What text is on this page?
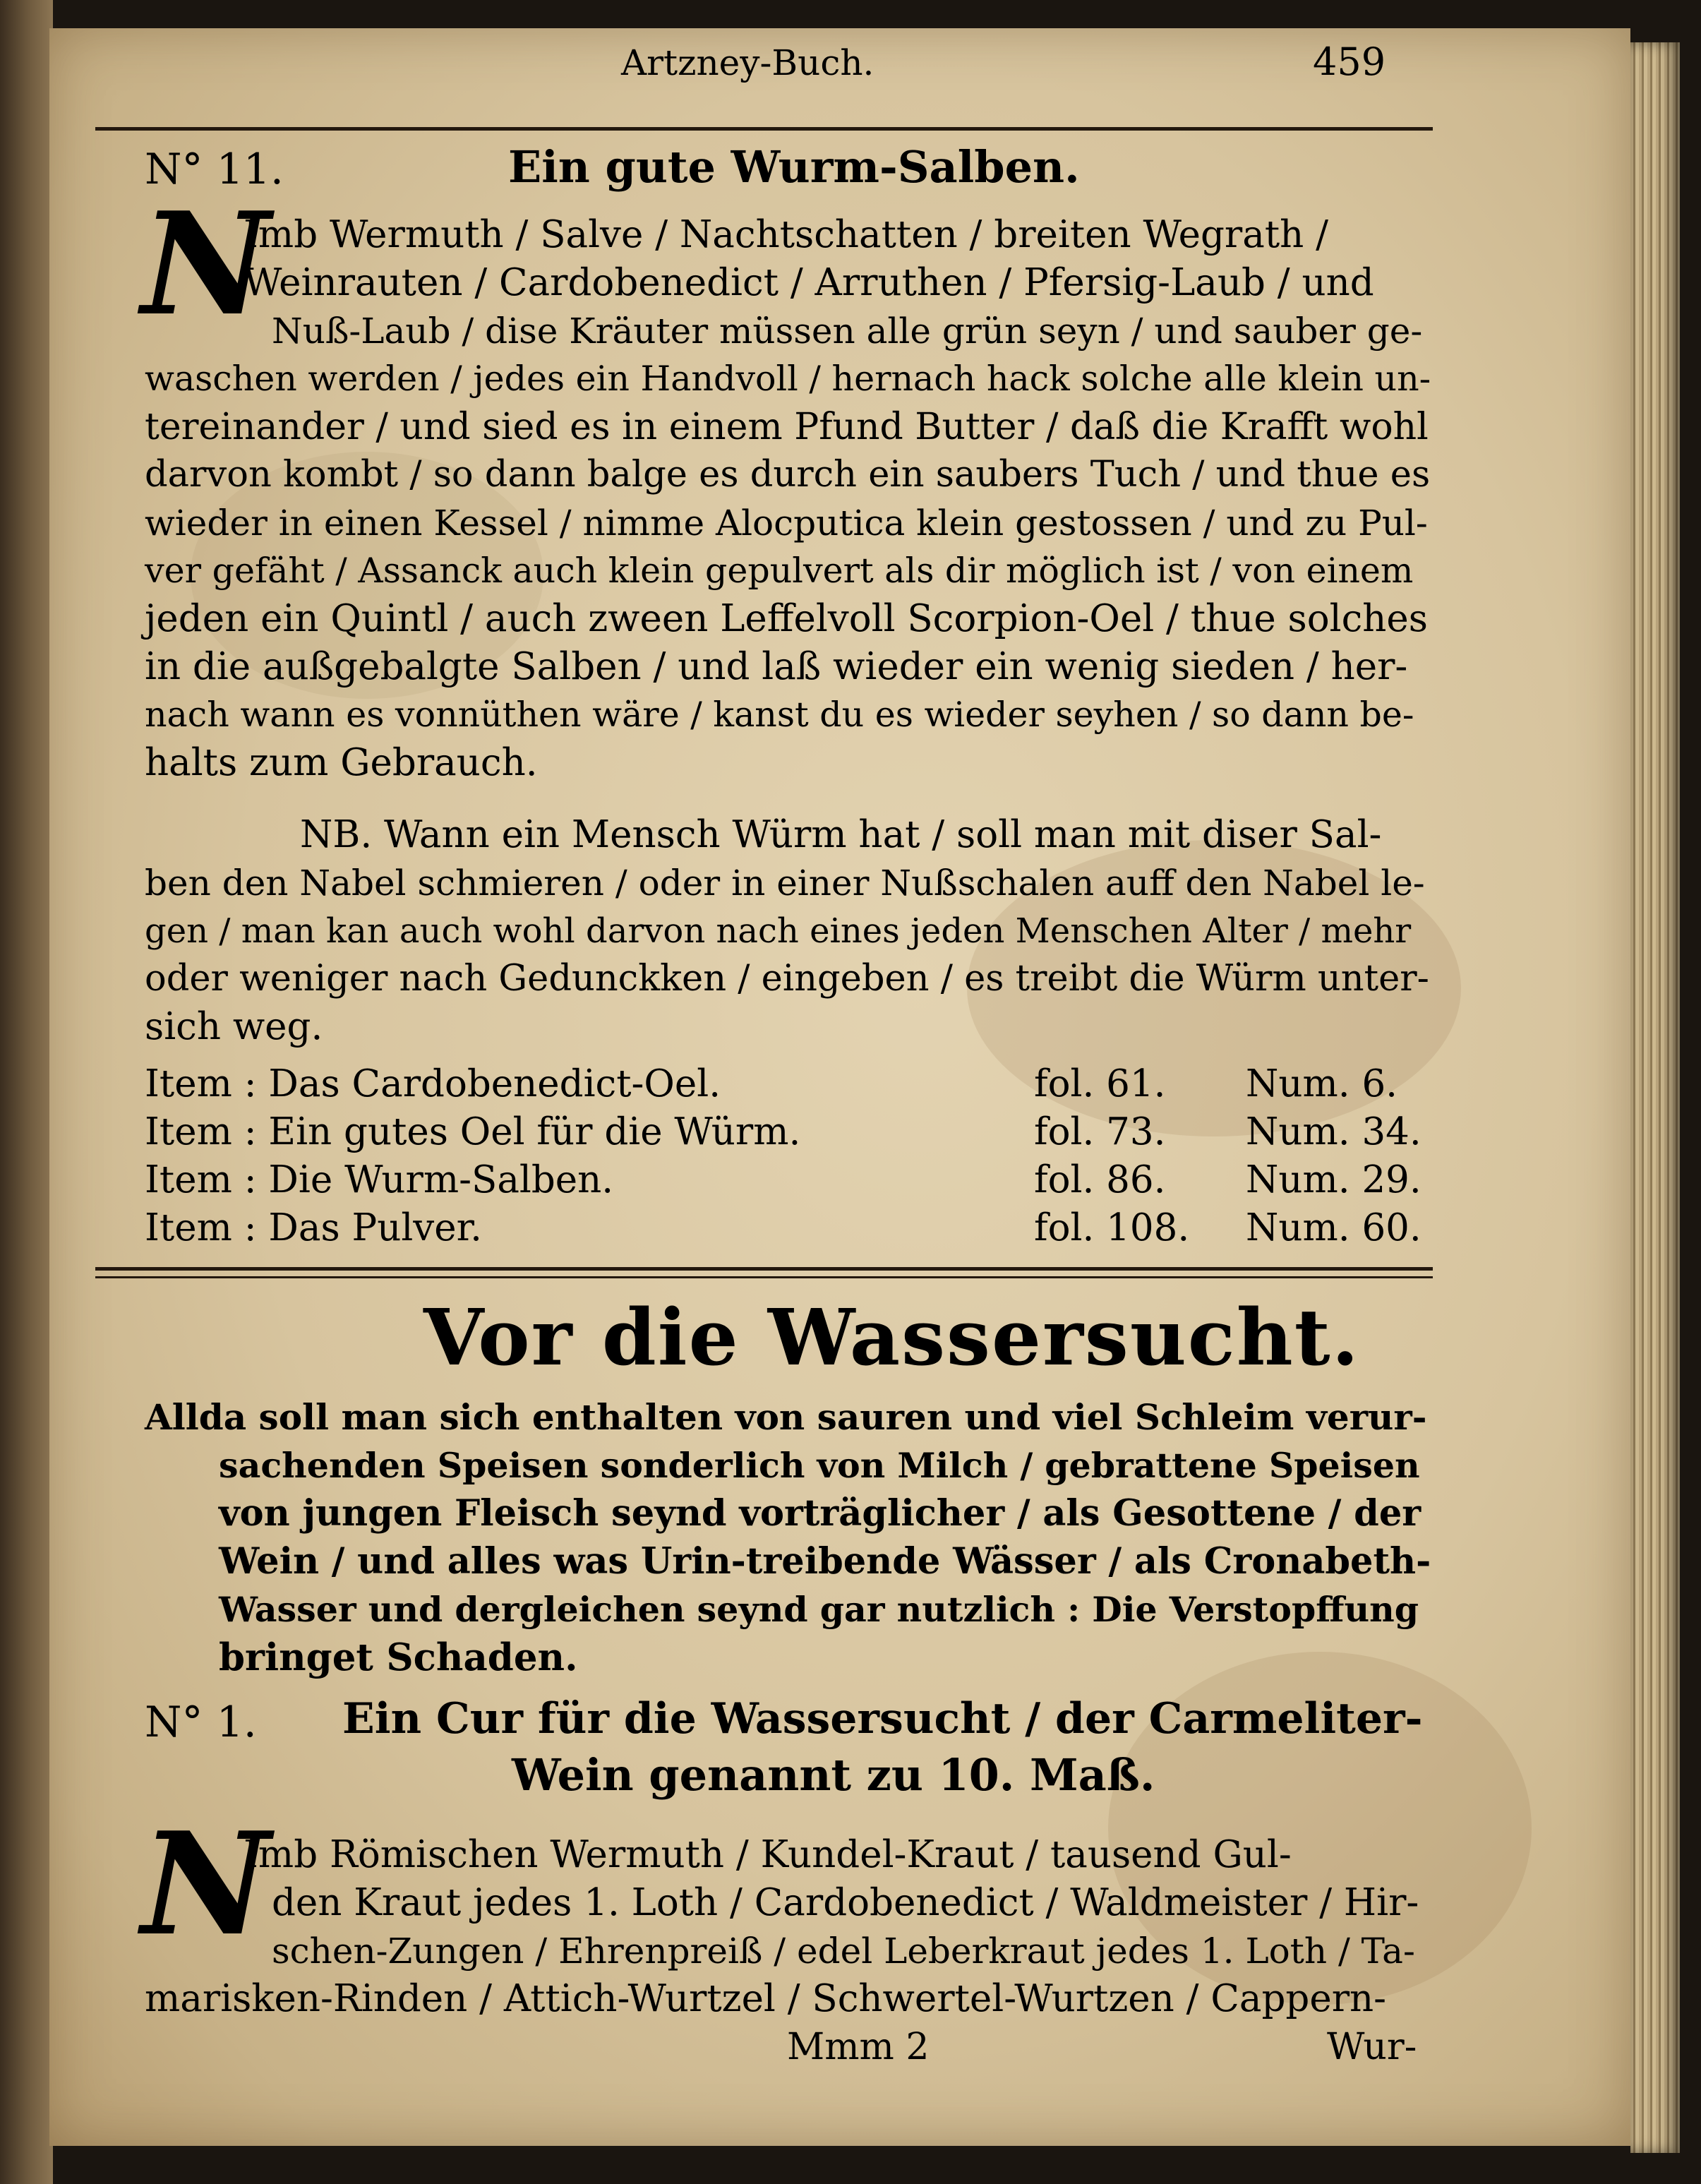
Artzney-Buch.	459
N° 11.	Ein gute Wurm-Salben.
N
Imb Wermuth / Salve / Nachtschatten / breiten Wegrath /
Weinrauten / Cardobenedict / Arruthen / Pfersig-Laub / und
Nuß-Laub / dise Kräuter müssen alle grün seyn / und sauber ge-
waschen werden / jedes ein Handvoll / hernach hack solche alle klein un-
tereinander / und sied es in einem Pfund Butter / daß die Krafft wohl
darvon kombt / so dann balge es durch ein saubers Tuch / und thue es
wieder in einen Kessel / nimme Alocputica klein gestossen / und zu Pul-
ver gefäht / Assanck auch klein gepulvert als dir möglich ist / von einem
jeden ein Quintl / auch zween Leffelvoll Scorpion-Oel / thue solches
in die außgebalgte Salben / und laß wieder ein wenig sieden / her-
nach wann es vonnüthen wäre / kanst du es wieder seyhen / so dann be-
halts zum Gebrauch.
NB. Wann ein Mensch Würm hat / soll man mit diser Sal-
ben den Nabel schmieren / oder in einer Nußschalen auff den Nabel le-
gen / man kan auch wohl darvon nach eines jeden Menschen Alter / mehr
oder weniger nach Gedunckken / eingeben / es treibt die Würm unter-
sich weg.
Item : Das Cardobenedict-Oel.	fol. 61. Num. 6.
Item : Ein gutes Oel für die Würm.	fol. 73. Num. 34.
Item : Die Wurm-Salben.	fol. 86. Num. 29.
Item : Das Pulver.	fol. 108. Num. 60.
Vor die Wassersucht.
Allda soll man sich enthalten von sauren und viel Schleim verur-
sachenden Speisen sonderlich von Milch / gebrattene Speisen
von jungen Fleisch seynd vorträglicher / als Gesottene / der
Wein / und alles was Urin-treibende Wässer / als Cronabeth-
Wasser und dergleichen seynd gar nutzlich : Die Verstopffung
bringet Schaden.
N° 1. Ein Cur für die Wassersucht / der Carmeliter-
Wein genannt zu 10. Maß.
N
Imb Römischen Wermuth / Kundel-Kraut / tausend Gul-
den Kraut jedes 1. Loth / Cardobenedict / Waldmeister / Hir-
schen-Zungen / Ehrenpreiß / edel Leberkraut jedes 1. Loth / Ta-
marisken-Rinden / Attich-Wurtzel / Schwertel-Wurtzen / Cappern-
Mmm 2	Wur-
